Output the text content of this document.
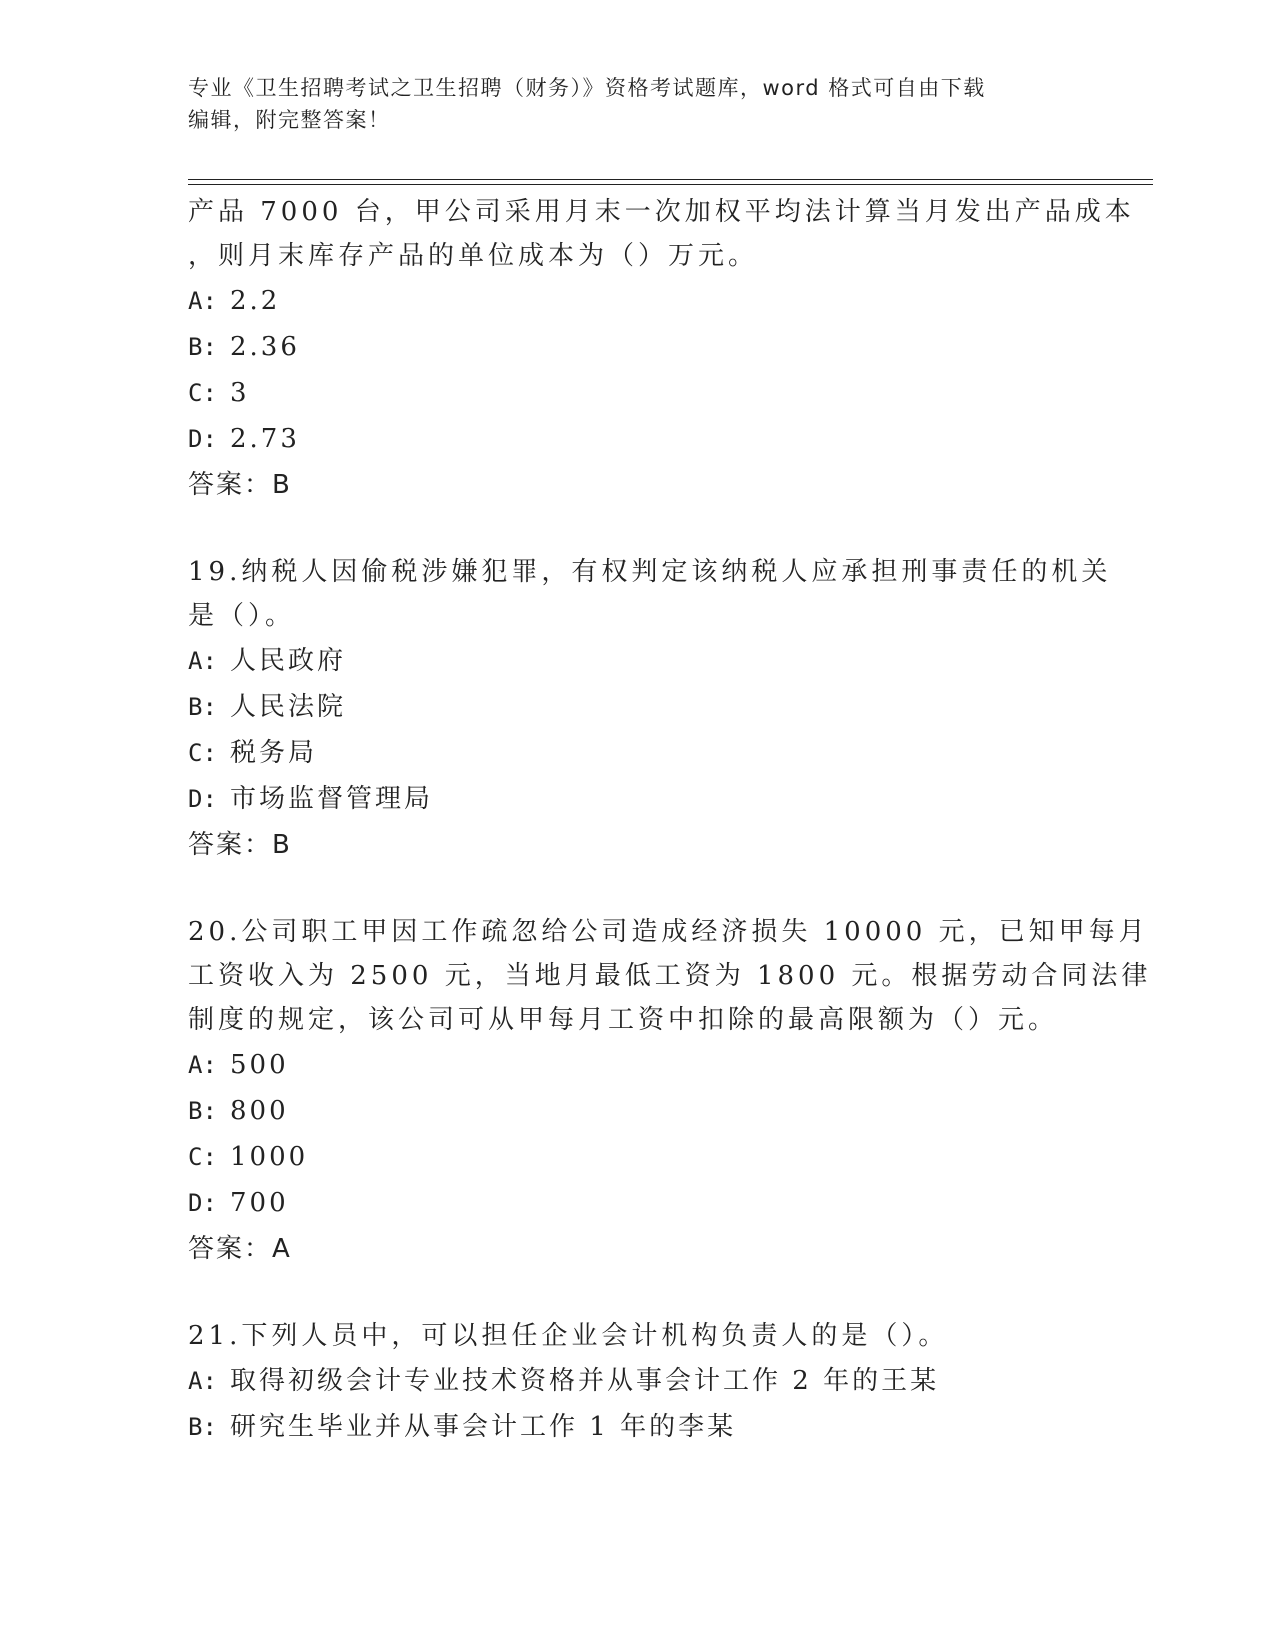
专业《卫生招聘考试之卫生招聘（财务）》资格考试题库，word 格式可自由下载
编辑，附完整答案！
产品 7000 台，甲公司采用月末一次加权平均法计算当月发出产品成本
，则月末库存产品的单位成本为（）万元。
A: 2.2
B: 2.36
C: 3
D: 2.73
答案：B
19.纳税人因偷税涉嫌犯罪，有权判定该纳税人应承担刑事责任的机关
是（）。
A: 人民政府
B: 人民法院
C: 税务局
D: 市场监督管理局
答案：B
20.公司职工甲因工作疏忽给公司造成经济损失 10000 元，已知甲每月
工资收入为 2500 元，当地月最低工资为 1800 元。根据劳动合同法律
制度的规定，该公司可从甲每月工资中扣除的最高限额为（）元。
A: 500
B: 800
C: 1000
D: 700
答案：A
21.下列人员中，可以担任企业会计机构负责人的是（）。
A: 取得初级会计专业技术资格并从事会计工作 2 年的王某
B: 研究生毕业并从事会计工作 1 年的李某
